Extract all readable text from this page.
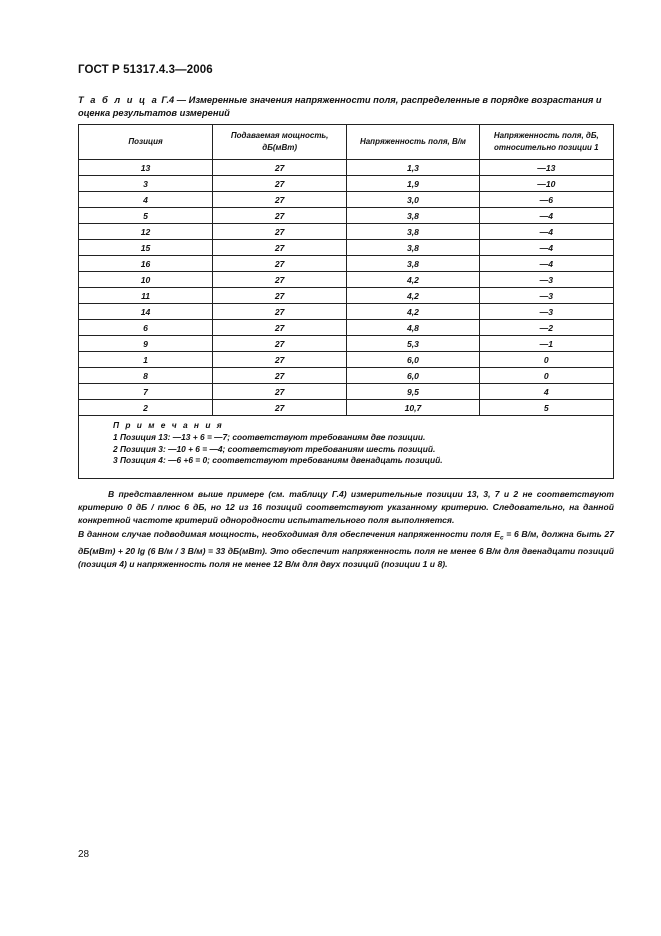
ГОСТ Р 51317.4.3—2006
Т а б л и ц а Г.4 — Измеренные значения напряженности поля, распределенные в порядке возрастания и оценка результатов измерений
Позиция	Подаваемая мощность, дБ(мВт)	Напряженность поля, В/м	Напряженность поля, дБ, относительно позиции 1
13	27	1,3	—13
3	27	1,9	—10
4	27	3,0	—6
5	27	3,8	—4
12	27	3,8	—4
15	27	3,8	—4
16	27	3,8	—4
10	27	4,2	—3
11	27	4,2	—3
14	27	4,2	—3
6	27	4,8	—2
9	27	5,3	—1
1	27	6,0	0
8	27	6,0	0
7	27	9,5	4
2	27	10,7	5

П р и м е ч а н и я
1 Позиция 13: —13 + 6 = —7; соответствуют требованиям две позиции.
2 Позиция 3: —10 + 6 = —4; соответствуют требованиям шесть позиций.
3 Позиция 4: —6 +6 = 0; соответствуют требованиям двенадцать позиций.			

В представленном выше примере (см. таблицу Г.4) измерительные позиции 13, 3, 7 и 2 не соответствуют критерию 0 дБ / плюс 6 дБ, но 12 из 16 позиций соответствуют указанному критерию. Следовательно, на данной конкретной частоте критерий однородности испытательного поля выполняется.

В данном случае подводимая мощность, необходимая для обеспечения напряженности поля $E_c = 6$ В/м, должна быть 27 дБ(мВт) + 20 lg (6 В/м / 3 В/м) = 33 дБ(мВт). Это обеспечит напряженность поля не менее 6 В/м для двенадцати позиций (позиция 4) и напряженность поля не менее 12 В/м для двух позиций (позиции 1 и 8).

28
